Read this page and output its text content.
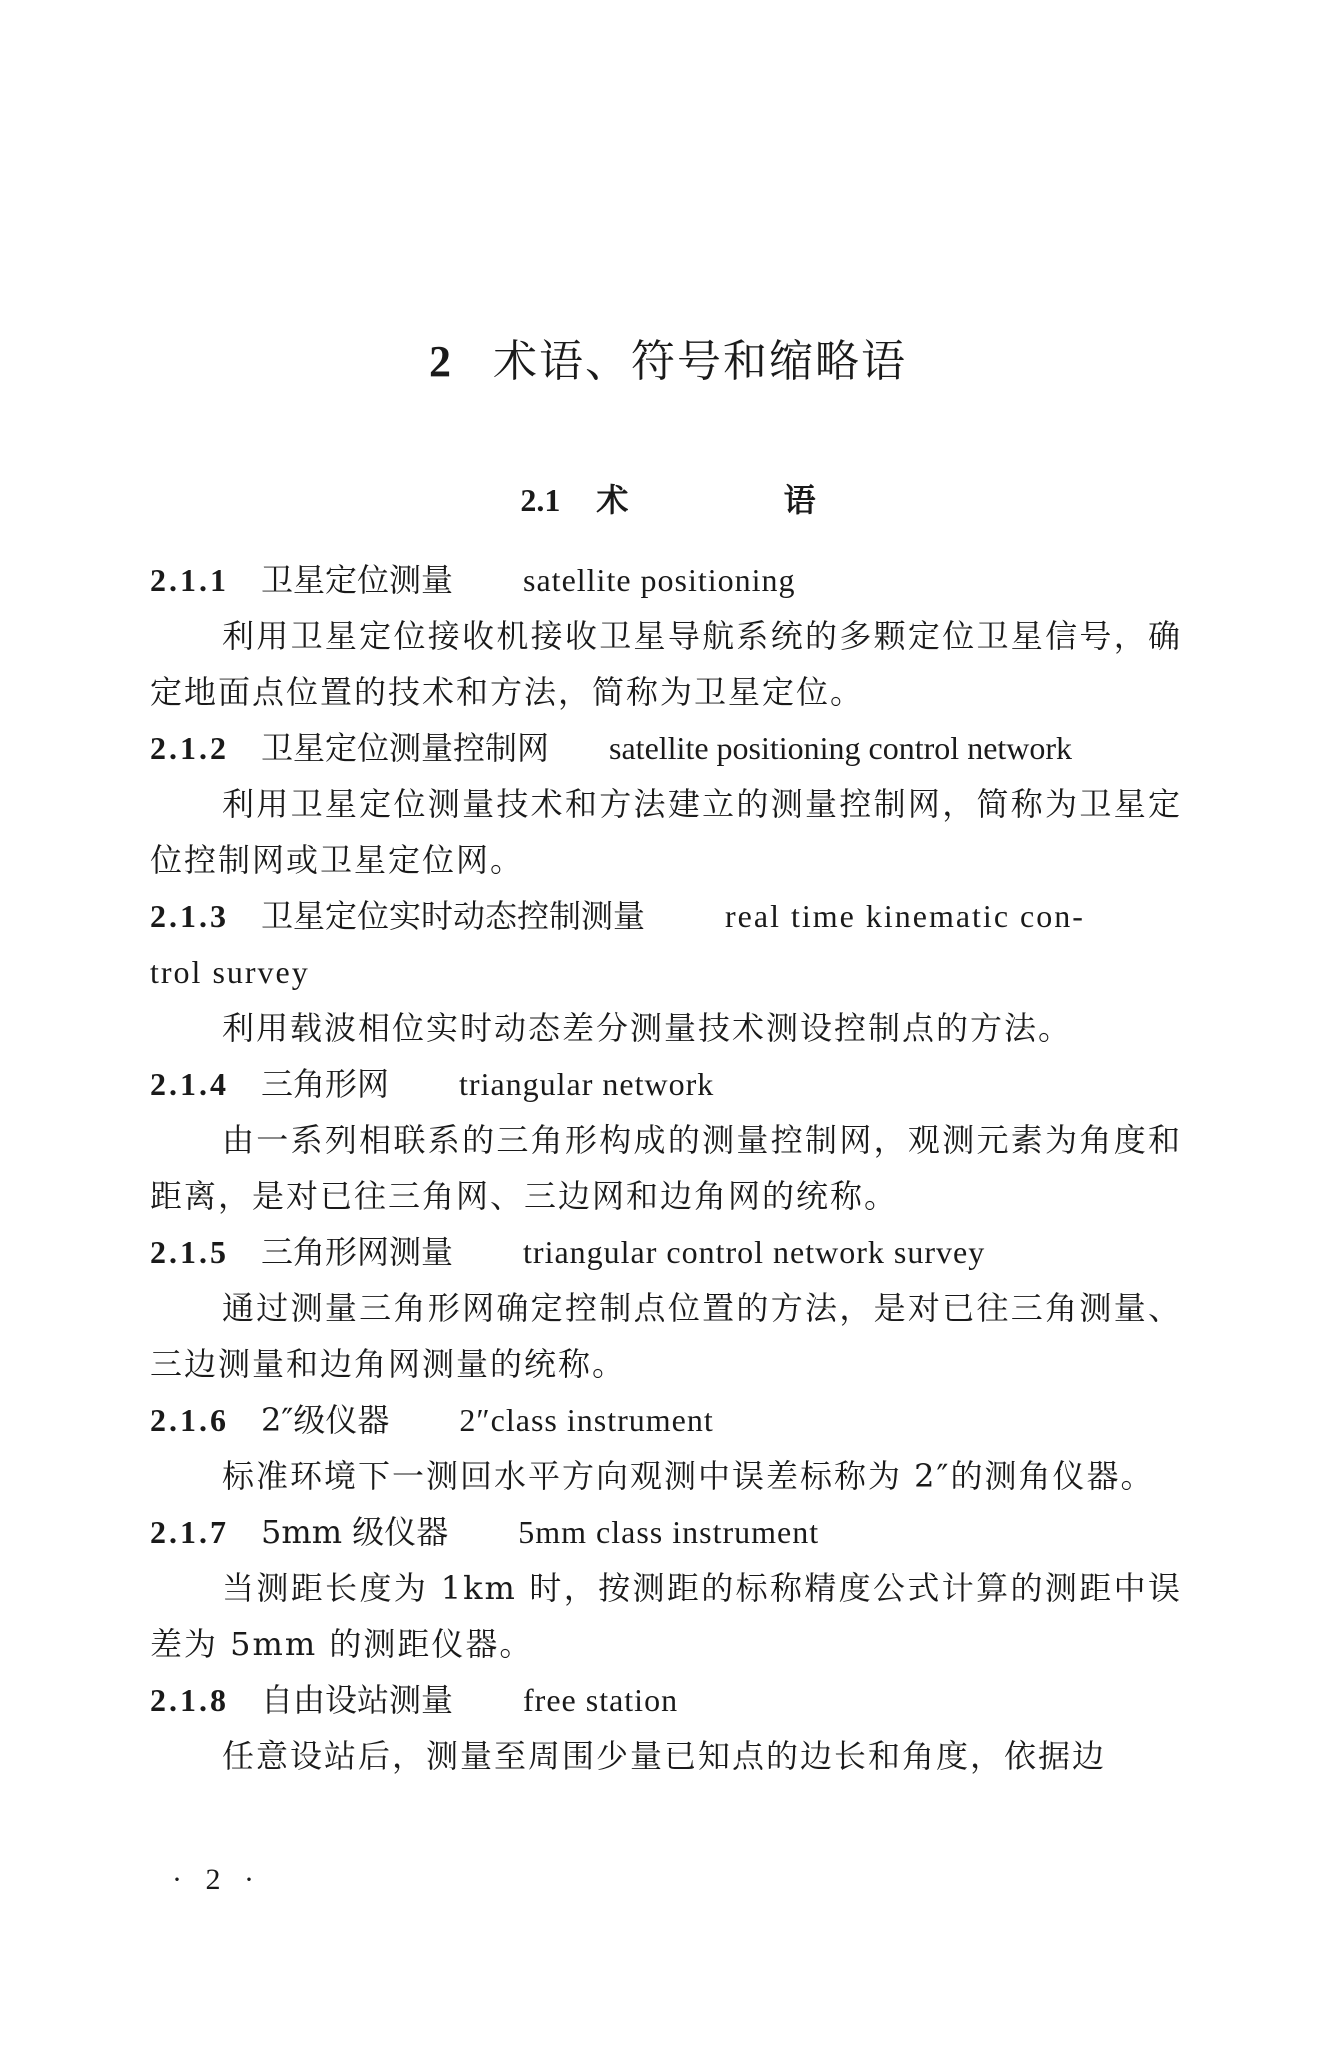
2 术语、符号和缩略语
2.1 术 语
2.1.1 卫星定位测量 satellite positioning
利用卫星定位接收机接收卫星导航系统的多颗定位卫星信号，确定地面点位置的技术和方法，简称为卫星定位。
2.1.2 卫星定位测量控制网 satellite positioning control network
利用卫星定位测量技术和方法建立的测量控制网，简称为卫星定位控制网或卫星定位网。
2.1.3 卫星定位实时动态控制测量	real time kinematic con-
trol survey
利用载波相位实时动态差分测量技术测设控制点的方法。
2.1.4 三角形网 triangular network
由一系列相联系的三角形构成的测量控制网，观测元素为角度和距离，是对已往三角网、三边网和边角网的统称。
2.1.5 三角形网测量 triangular control network survey
通过测量三角形网确定控制点位置的方法，是对已往三角测量、三边测量和边角网测量的统称。
2.1.6 2″级仪器 2″class instrument
标准环境下一测回水平方向观测中误差标称为 2″的测角仪器。
2.1.7 5mm 级仪器 5mm class instrument
当测距长度为 1km 时，按测距的标称精度公式计算的测距中误差为 5mm 的测距仪器。
2.1.8 自由设站测量 free station
任意设站后，测量至周围少量已知点的边长和角度，依据边
· 2 ·
